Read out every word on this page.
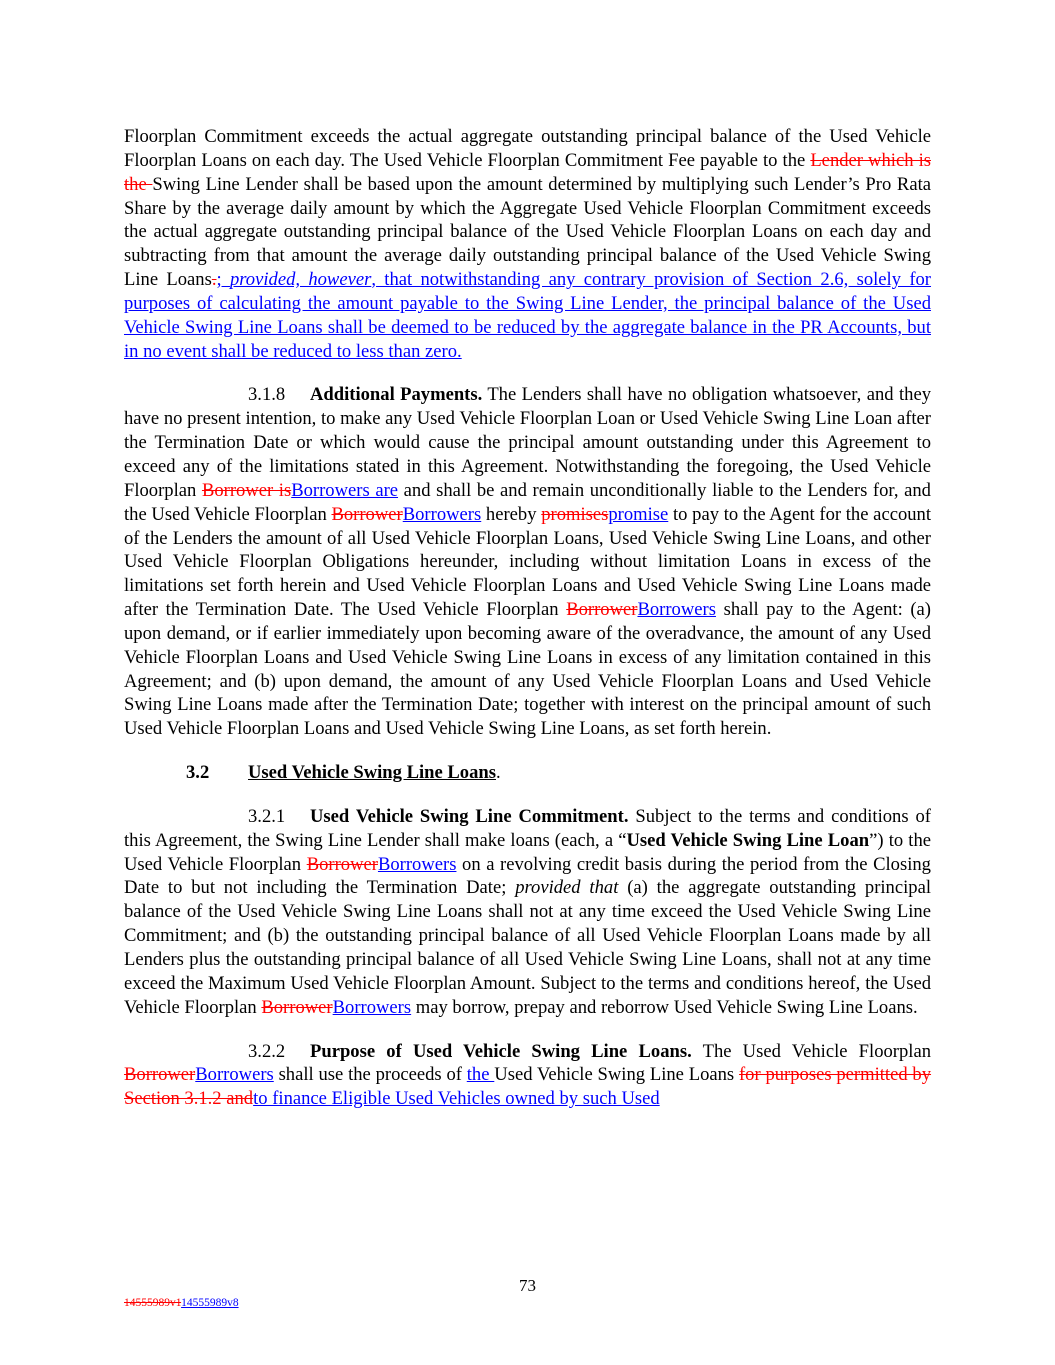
Floorplan Commitment exceeds the actual aggregate outstanding principal balance of the Used Vehicle Floorplan Loans on each day. The Used Vehicle Floorplan Commitment Fee payable to the Lender which is the Swing Line Lender shall be based upon the amount determined by multiplying such Lender’s Pro Rata Share by the average daily amount by which the Aggregate Used Vehicle Floorplan Commitment exceeds the actual aggregate outstanding principal balance of the Used Vehicle Floorplan Loans on each day and subtracting from that amount the average daily outstanding principal balance of the Used Vehicle Swing Line Loans.; provided, however, that notwithstanding any contrary provision of Section 2.6, solely for purposes of calculating the amount payable to the Swing Line Lender, the principal balance of the Used Vehicle Swing Line Loans shall be deemed to be reduced by the aggregate balance in the PR Accounts, but in no event shall be reduced to less than zero.

3.1.8 Additional Payments. The Lenders shall have no obligation whatsoever, and they have no present intention, to make any Used Vehicle Floorplan Loan or Used Vehicle Swing Line Loan after the Termination Date or which would cause the principal amount outstanding under this Agreement to exceed any of the limitations stated in this Agreement. Notwithstanding the foregoing, the Used Vehicle Floorplan Borrower isBorrowers are and shall be and remain unconditionally liable to the Lenders for, and the Used Vehicle Floorplan BorrowerBorrowers hereby promisespromise to pay to the Agent for the account of the Lenders the amount of all Used Vehicle Floorplan Loans, Used Vehicle Swing Line Loans, and other Used Vehicle Floorplan Obligations hereunder, including without limitation Loans in excess of the limitations set forth herein and Used Vehicle Floorplan Loans and Used Vehicle Swing Line Loans made after the Termination Date. The Used Vehicle Floorplan BorrowerBorrowers shall pay to the Agent: (a) upon demand, or if earlier immediately upon becoming aware of the overadvance, the amount of any Used Vehicle Floorplan Loans and Used Vehicle Swing Line Loans in excess of any limitation contained in this Agreement; and (b) upon demand, the amount of any Used Vehicle Floorplan Loans and Used Vehicle Swing Line Loans made after the Termination Date; together with interest on the principal amount of such Used Vehicle Floorplan Loans and Used Vehicle Swing Line Loans, as set forth herein.

3.2 Used Vehicle Swing Line Loans.

3.2.1 Used Vehicle Swing Line Commitment. Subject to the terms and conditions of this Agreement, the Swing Line Lender shall make loans (each, a “Used Vehicle Swing Line Loan”) to the Used Vehicle Floorplan BorrowerBorrowers on a revolving credit basis during the period from the Closing Date to but not including the Termination Date; provided that (a) the aggregate outstanding principal balance of the Used Vehicle Swing Line Loans shall not at any time exceed the Used Vehicle Swing Line Commitment; and (b) the outstanding principal balance of all Used Vehicle Floorplan Loans made by all Lenders plus the outstanding principal balance of all Used Vehicle Swing Line Loans, shall not at any time exceed the Maximum Used Vehicle Floorplan Amount. Subject to the terms and conditions hereof, the Used Vehicle Floorplan BorrowerBorrowers may borrow, prepay and reborrow Used Vehicle Swing Line Loans.

3.2.2 Purpose of Used Vehicle Swing Line Loans. The Used Vehicle Floorplan BorrowerBorrowers shall use the proceeds of the Used Vehicle Swing Line Loans for purposes permitted by Section 3.1.2 andto finance Eligible Used Vehicles owned by such Used

73
14555989v114555989v8
